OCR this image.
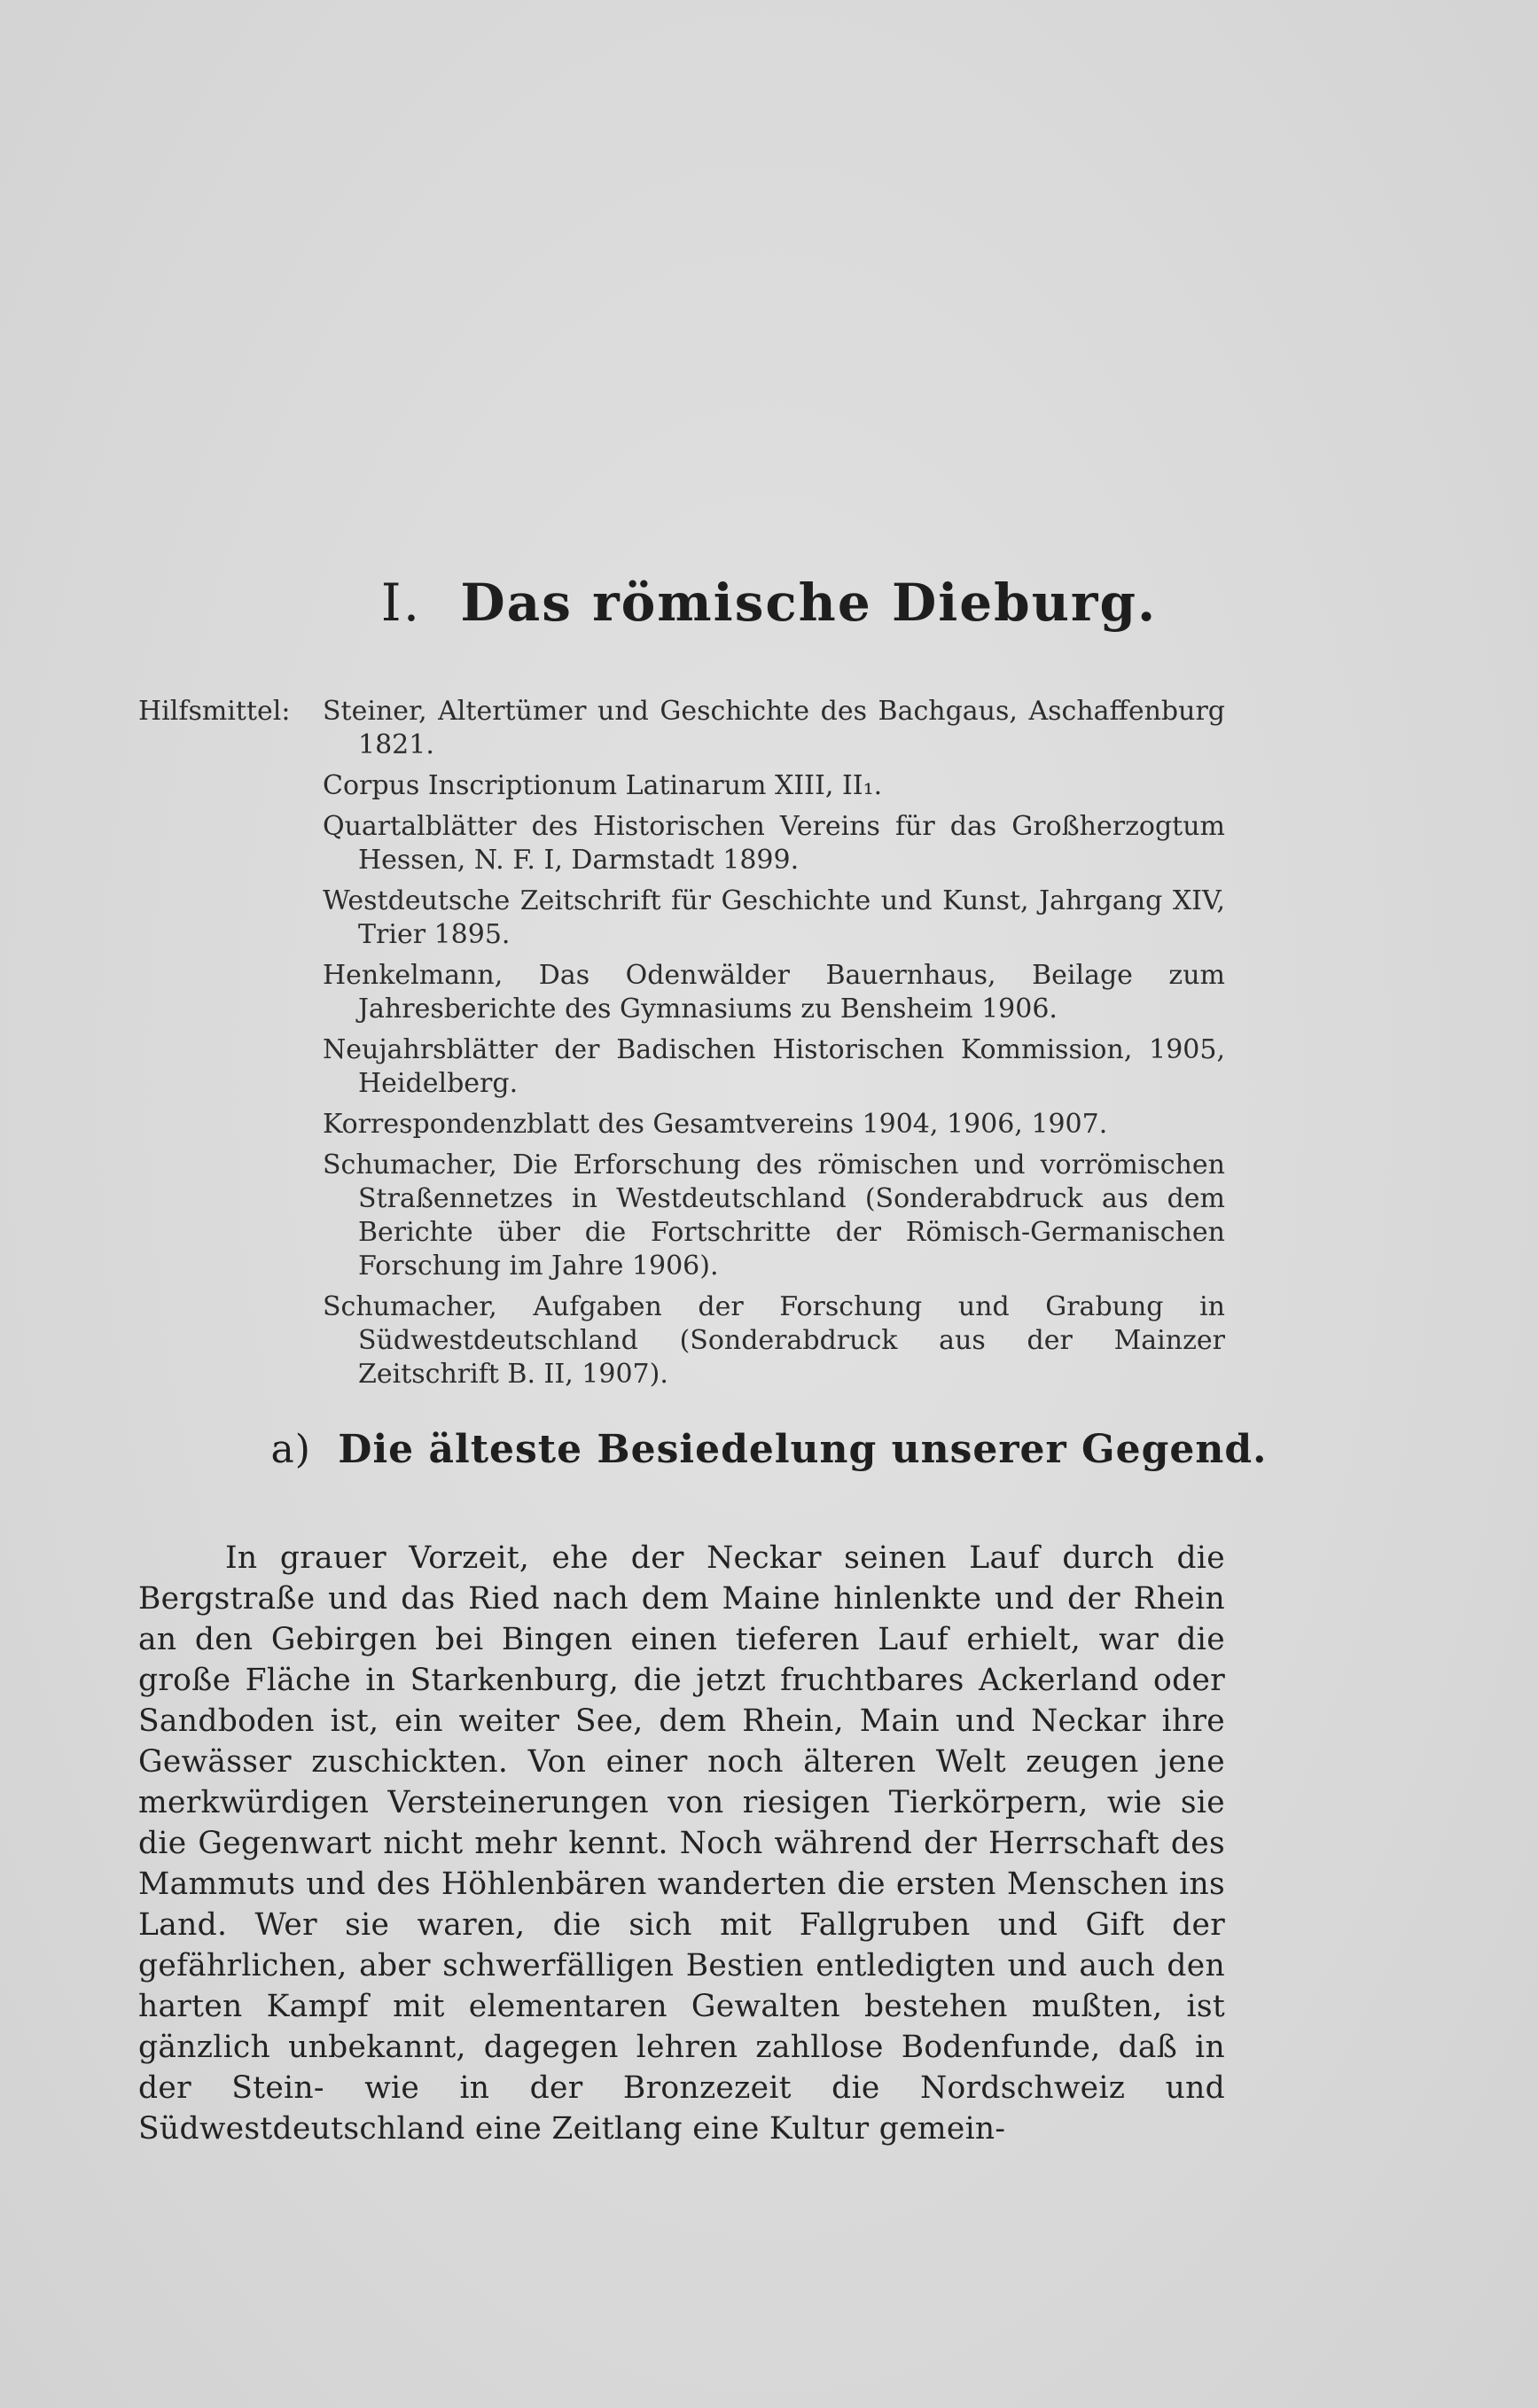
I. Das römische Dieburg.
Hilfsmittel:	Steiner, Altertümer und Geschichte des Bachgaus, Aschaffenburg 1821.
Corpus Inscriptionum Latinarum XIII, II₁.
Quartalblätter des Historischen Vereins für das Großherzogtum Hessen, N. F. I, Darmstadt 1899.
Westdeutsche Zeitschrift für Geschichte und Kunst, Jahrgang XIV, Trier 1895.
Henkelmann, Das Odenwälder Bauernhaus, Beilage zum Jahresberichte des Gymnasiums zu Bensheim 1906.
Neujahrsblätter der Badischen Historischen Kommission, 1905, Heidelberg.
Korrespondenzblatt des Gesamtvereins 1904, 1906, 1907.
Schumacher, Die Erforschung des römischen und vorrömischen Straßennetzes in Westdeutschland (Sonderabdruck aus dem Berichte über die Fortschritte der Römisch-Germanischen Forschung im Jahre 1906).
Schumacher, Aufgaben der Forschung und Grabung in Südwestdeutschland (Sonderabdruck aus der Mainzer Zeitschrift B. II, 1907).
a) Die älteste Besiedelung unserer Gegend.

In grauer Vorzeit, ehe der Neckar seinen Lauf durch die Bergstraße und das Ried nach dem Maine hinlenkte und der Rhein an den Gebirgen bei Bingen einen tieferen Lauf erhielt, war die große Fläche in Starkenburg, die jetzt fruchtbares Ackerland oder Sandboden ist, ein weiter See, dem Rhein, Main und Neckar ihre Gewässer zuschickten. Von einer noch älteren Welt zeugen jene merkwürdigen Versteinerungen von riesigen Tierkörpern, wie sie die Gegenwart nicht mehr kennt. Noch während der Herrschaft des Mammuts und des Höhlenbären wanderten die ersten Menschen ins Land. Wer sie waren, die sich mit Fallgruben und Gift der gefährlichen, aber schwerfälligen Bestien entledigten und auch den harten Kampf mit elementaren Gewalten bestehen mußten, ist gänzlich unbekannt, dagegen lehren zahllose Bodenfunde, daß in der Stein- wie in der Bronzezeit die Nordschweiz und Südwestdeutschland eine Zeitlang eine Kultur gemein-
